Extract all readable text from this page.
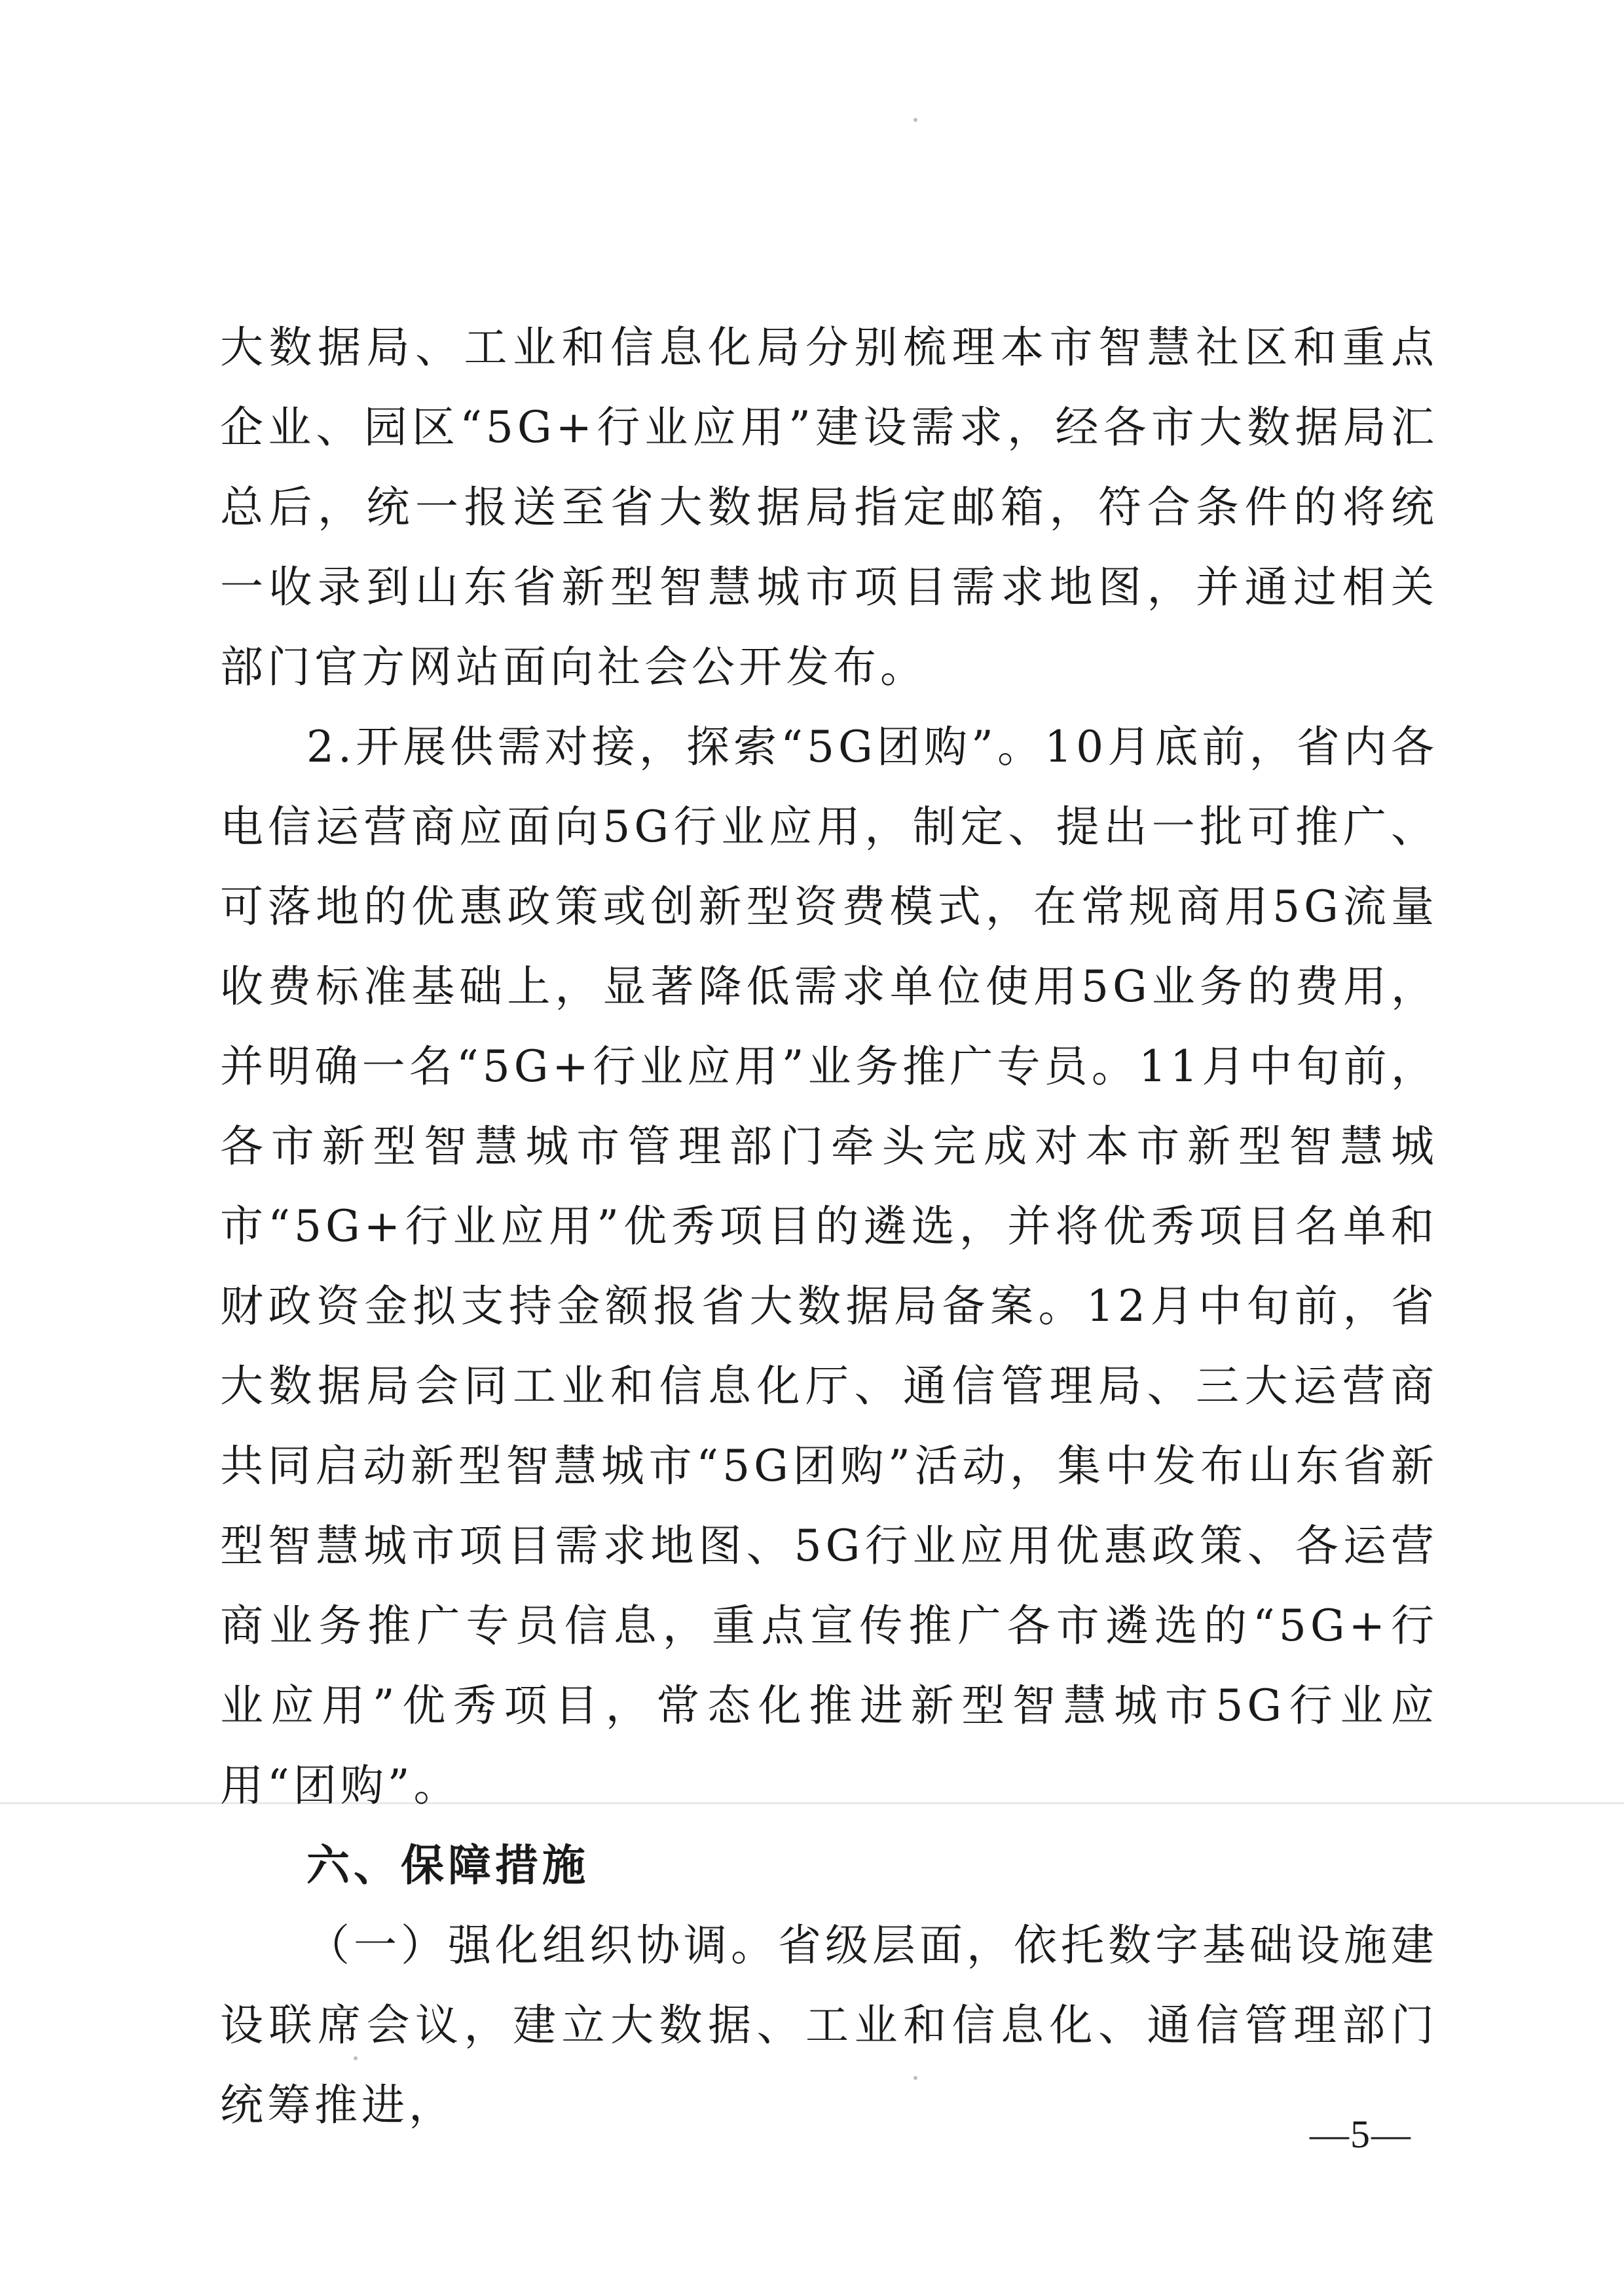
大数据局、工业和信息化局分别梳理本市智慧社区和重点企业、园区“5G+行业应用”建设需求，经各市大数据局汇总后，统一报送至省大数据局指定邮箱，符合条件的将统一收录到山东省新型智慧城市项目需求地图，并通过相关部门官方网站面向社会公开发布。

2.开展供需对接，探索“5G团购”。10月底前，省内各电信运营商应面向5G行业应用，制定、提出一批可推广、可落地的优惠政策或创新型资费模式，在常规商用5G流量收费标准基础上，显著降低需求单位使用5G业务的费用，并明确一名“5G+行业应用”业务推广专员。11月中旬前，各市新型智慧城市管理部门牵头完成对本市新型智慧城市“5G+行业应用”优秀项目的遴选，并将优秀项目名单和财政资金拟支持金额报省大数据局备案。12月中旬前，省大数据局会同工业和信息化厅、通信管理局、三大运营商共同启动新型智慧城市“5G团购”活动，集中发布山东省新型智慧城市项目需求地图、5G行业应用优惠政策、各运营商业务推广专员信息，重点宣传推广各市遴选的“5G+行业应用”优秀项目，常态化推进新型智慧城市5G行业应用“团购”。

六、保障措施

（一）强化组织协调。省级层面，依托数字基础设施建设联席会议，建立大数据、工业和信息化、通信管理部门统筹推进，

—5—
